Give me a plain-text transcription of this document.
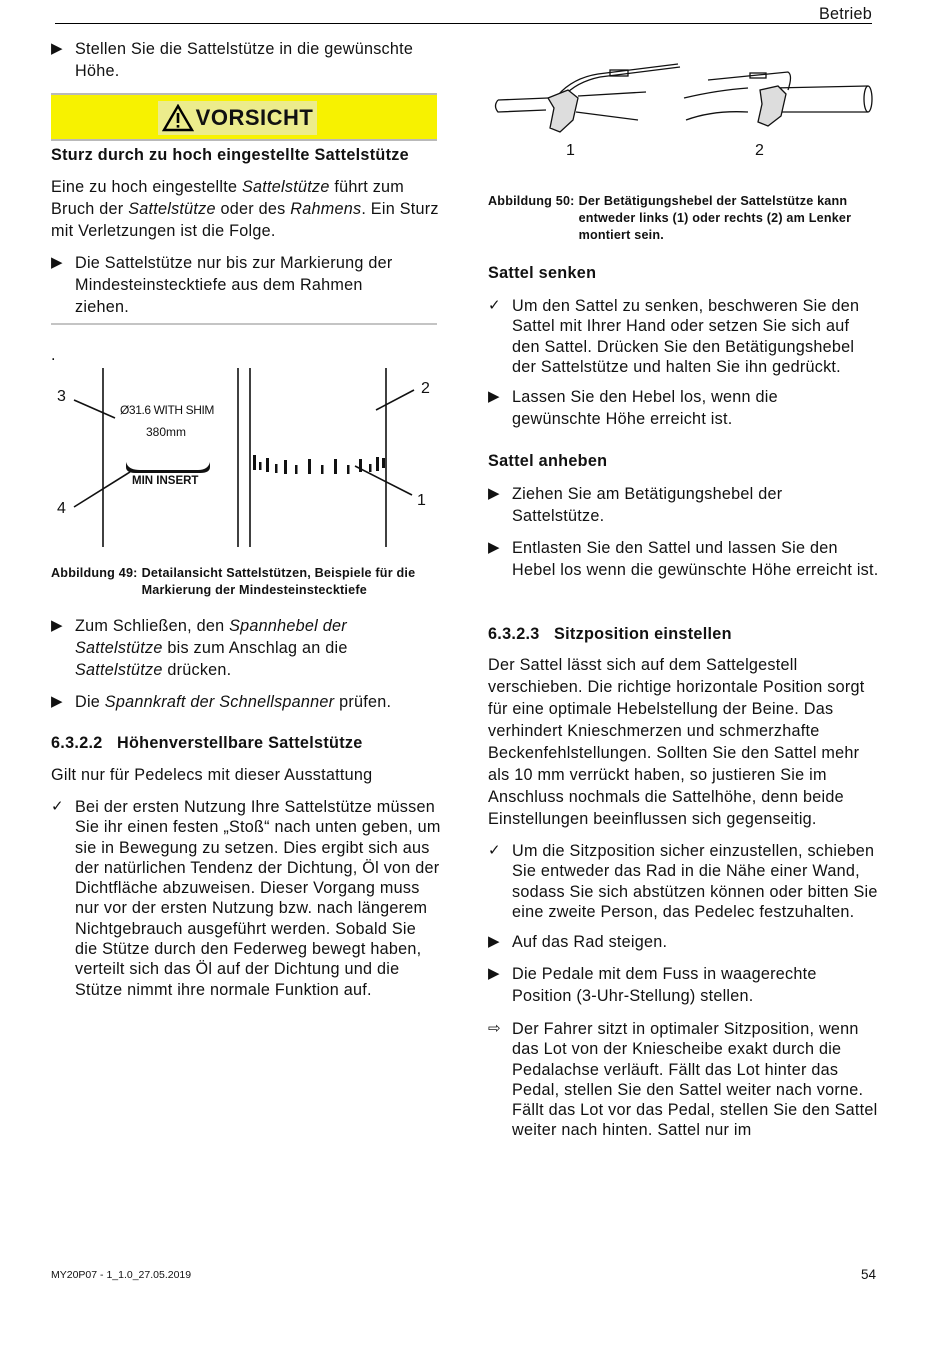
Betrieb
▶ Stellen Sie die Sattelstütze in die gewünschte Höhe.
VORSICHT
Sturz durch zu hoch eingestellte Sattelstütze
Eine zu hoch eingestellte Sattelstütze führt zum Bruch der Sattelstütze oder des Rahmens. Ein Sturz mit Verletzungen ist die Folge.
▶ Die Sattelstütze nur bis zur Markierung der Mindesteinstecktiefe aus dem Rahmen ziehen.
.
3
4
2
1
Ø31.6 WITH SHIM
380mm
MIN INSERT
Abbildung 49: Detailansicht Sattelstützen, Beispiele für die Markierung der Mindesteinstecktiefe
▶ Zum Schließen, den Spannhebel der Sattelstütze bis zum Anschlag an die Sattelstütze drücken.
▶ Die Spannkraft der Schnellspanner prüfen.
6.3.2.2   Höhenverstellbare Sattelstütze
Gilt nur für Pedelecs mit dieser Ausstattung
✓ Bei der ersten Nutzung Ihre Sattelstütze müssen Sie ihr einen festen „Stoß“ nach unten geben, um sie in Bewegung zu setzen. Dies ergibt sich aus der natürlichen Tendenz der Dichtung, Öl von der Dichtfläche abzuweisen. Dieser Vorgang muss nur vor der ersten Nutzung bzw. nach längerem Nichtgebrauch ausgeführt werden. Sobald Sie die Stütze durch den Federweg bewegt haben, verteilt sich das Öl auf der Dichtung und die Stütze nimmt ihre normale Funktion auf.
1	2
Abbildung 50: Der Betätigungshebel der Sattelstütze kann entweder links (1) oder rechts (2) am Lenker montiert sein.
Sattel senken
✓ Um den Sattel zu senken, beschweren Sie den Sattel mit Ihrer Hand oder setzen Sie sich auf den Sattel. Drücken Sie den Betätigungshebel der Sattelstütze und halten Sie ihn gedrückt.
▶ Lassen Sie den Hebel los, wenn die gewünschte Höhe erreicht ist.
Sattel anheben
▶ Ziehen Sie am Betätigungshebel der Sattelstütze.
▶ Entlasten Sie den Sattel und lassen Sie den Hebel los wenn die gewünschte Höhe erreicht ist.
6.3.2.3   Sitzposition einstellen
Der Sattel lässt sich auf dem Sattelgestell verschieben. Die richtige horizontale Position sorgt für eine optimale Hebelstellung der Beine. Das verhindert Knieschmerzen und schmerzhafte Beckenfehlstellungen. Sollten Sie den Sattel mehr als 10 mm verrückt haben, so justieren Sie im Anschluss nochmals die Sattelhöhe, denn beide Einstellungen beeinflussen sich gegenseitig.
✓ Um die Sitzposition sicher einzustellen, schieben Sie entweder das Rad in die Nähe einer Wand, sodass Sie sich abstützen können oder bitten Sie eine zweite Person, das Pedelec festzuhalten.
▶ Auf das Rad steigen.
▶ Die Pedale mit dem Fuss in waagerechte Position (3-Uhr-Stellung) stellen.
⇨ Der Fahrer sitzt in optimaler Sitzposition, wenn das Lot von der Kniescheibe exakt durch die Pedalachse verläuft. Fällt das Lot hinter das Pedal, stellen Sie den Sattel weiter nach vorne. Fällt das Lot vor das Pedal, stellen Sie den Sattel weiter nach hinten. Sattel nur im
MY20P07 - 1_1.0_27.05.2019	54
